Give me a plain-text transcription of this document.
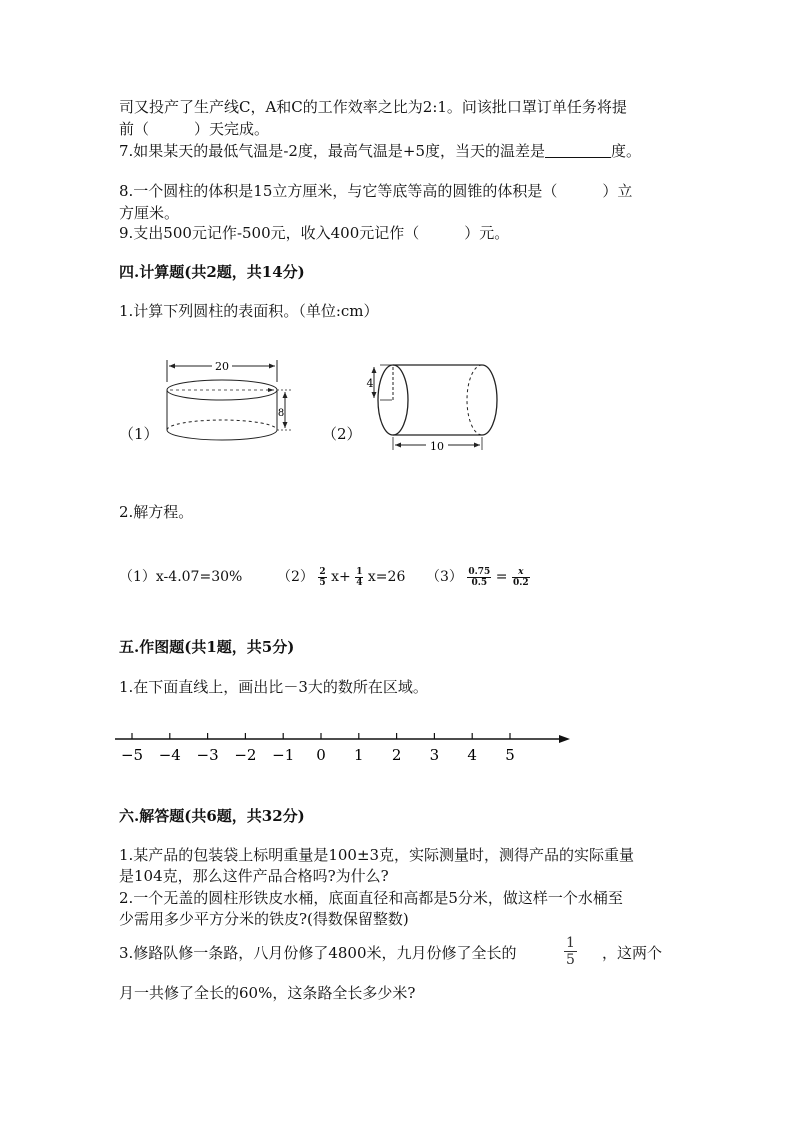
司又投产了生产线C，A和C的工作效率之比为2:1。问该批口罩订单任务将提
前（　　　）天完成。
7.如果某天的最低气温是-2度，最高气温是+5度，当天的温差是	度。
8.一个圆柱的体积是15立方厘米，与它等底等高的圆锥的体积是（　　　）立
方厘米。
9.支出500元记作-500元，收入400元记作（　　　）元。
四.计算题(共2题，共14分)
1.计算下列圆柱的表面积。（单位:cm）
（1）
20
8
（2）
4
10
2.解方程。
（1）x-4.07=30% $(2) \frac{2}{5} x+ \frac{1}{4} x=26$ $(3) \frac{0.75}{0.5} = \frac{x}{0.2}$
五.作图题(共1题，共5分)
1.在下面直线上，画出比－3大的数所在区域。
−5 −4 −3 −2 −1 0 1 2 3 4 5
六.解答题(共6题，共32分)
1.某产品的包装袋上标明重量是100±3克，实际测量时，测得产品的实际重量
是104克，那么这件产品合格吗?为什么?
2.一个无盖的圆柱形铁皮水桶，底面直径和高都是5分米，做这样一个水桶至
少需用多少平方分米的铁皮?(得数保留整数)
3.修路队修一条路，八月份修了4800米，九月份修了全长的	$\frac{1}{5}$ ，这两个
月一共修了全长的60%，这条路全长多少米?
